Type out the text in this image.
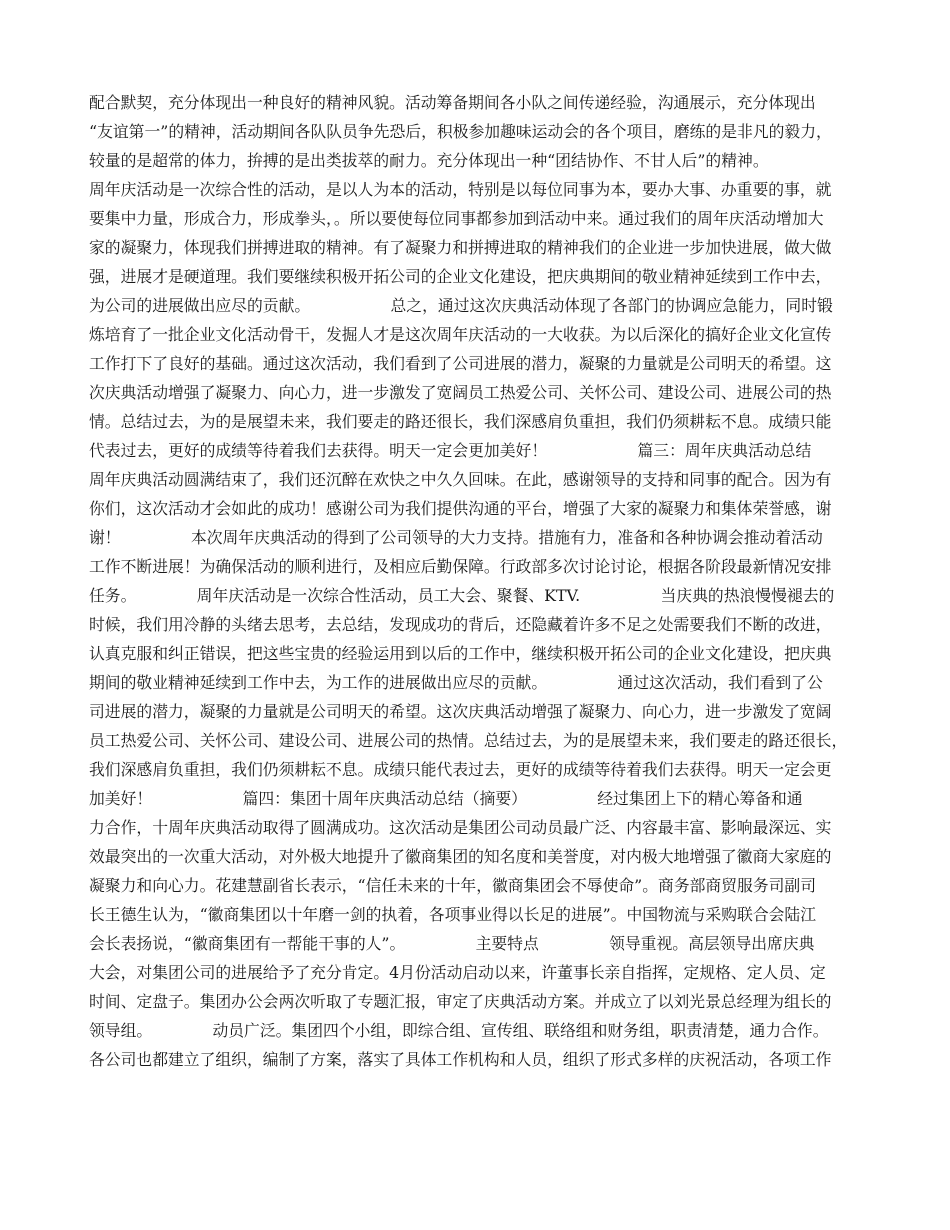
配合默契，充分体现出一种良好的精神风貌。活动筹备期间各小队之间传递经验，沟通展示，充分体现出
“友谊第一”的精神，活动期间各队队员争先恐后，积极参加趣味运动会的各个项目，磨练的是非凡的毅力，
较量的是超常的体力，拚搏的是出类拔萃的耐力。充分体现出一种“团结协作、不甘人后”的精神。
周年庆活动是一次综合性的活动，是以人为本的活动，特别是以每位同事为本，要办大事、办重要的事，就
要集中力量，形成合力，形成拳头，。所以要使每位同事都参加到活动中来。通过我们的周年庆活动增加大
家的凝聚力，体现我们拼搏进取的精神。有了凝聚力和拼搏进取的精神我们的企业进一步加快进展，做大做
强，进展才是硬道理。我们要继续积极开拓公司的企业文化建设，把庆典期间的敬业精神延续到工作中去，
为公司的进展做出应尽的贡献。                总之，通过这次庆典活动体现了各部门的协调应急能力，同时锻
炼培育了一批企业文化活动骨干，发掘人才是这次周年庆活动的一大收获。为以后深化的搞好企业文化宣传
工作打下了良好的基础。通过这次活动，我们看到了公司进展的潜力，凝聚的力量就是公司明天的希望。这
次庆典活动增强了凝聚力、向心力，进一步激发了宽阔员工热爱公司、关怀公司、建设公司、进展公司的热
情。总结过去，为的是展望未来，我们要走的路还很长，我们深感肩负重担，我们仍须耕耘不息。成绩只能
代表过去，更好的成绩等待着我们去获得。明天一定会更加美好！                  篇三：周年庆典活动总结
周年庆典活动圆满结束了，我们还沉醉在欢快之中久久回味。在此，感谢领导的支持和同事的配合。因为有
你们，这次活动才会如此的成功！感谢公司为我们提供沟通的平台，增强了大家的凝聚力和集体荣誉感，谢
谢！              本次周年庆典活动的得到了公司领导的大力支持。措施有力，准备和各种协调会推动着活动
工作不断进展！为确保活动的顺利进行，及相应后勤保障。行政部多次讨论讨论，根据各阶段最新情况安排
任务。            周年庆活动是一次综合性活动，员工大会、聚餐、KTV.                当庆典的热浪慢慢褪去的
时候，我们用冷静的头绪去思考，去总结，发现成功的背后，还隐藏着许多不足之处需要我们不断的改进，
认真克服和纠正错误，把这些宝贵的经验运用到以后的工作中，继续积极开拓公司的企业文化建设，把庆典
期间的敬业精神延续到工作中去，为工作的进展做出应尽的贡献。              通过这次活动，我们看到了公
司进展的潜力，凝聚的力量就是公司明天的希望。这次庆典活动增强了凝聚力、向心力，进一步激发了宽阔
员工热爱公司、关怀公司、建设公司、进展公司的热情。总结过去，为的是展望未来，我们要走的路还很长，
我们深感肩负重担，我们仍须耕耘不息。成绩只能代表过去，更好的成绩等待着我们去获得。明天一定会更
加美好！                  篇四：集团十周年庆典活动总结（摘要）              经过集团上下的精心筹备和通
力合作，十周年庆典活动取得了圆满成功。这次活动是集团公司动员最广泛、内容最丰富、影响最深远、实
效最突出的一次重大活动，对外极大地提升了徽商集团的知名度和美誉度，对内极大地增强了徽商大家庭的
凝聚力和向心力。花建慧副省长表示，“信任未来的十年，徽商集团会不辱使命”。商务部商贸服务司副司
长王德生认为，“徽商集团以十年磨一剑的执着，各项事业得以长足的进展”。中国物流与采购联合会陆江
会长表扬说，“徽商集团有一帮能干事的人”。              主要特点              领导重视。高层领导出席庆典
大会，对集团公司的进展给予了充分肯定。4月份活动启动以来，许董事长亲自指挥，定规格、定人员、定
时间、定盘子。集团办公会两次听取了专题汇报，审定了庆典活动方案。并成立了以刘光景总经理为组长的
领导组。            动员广泛。集团四个小组，即综合组、宣传组、联络组和财务组，职责清楚，通力合作。
各公司也都建立了组织，编制了方案，落实了具体工作机构和人员，组织了形式多样的庆祝活动，各项工作
